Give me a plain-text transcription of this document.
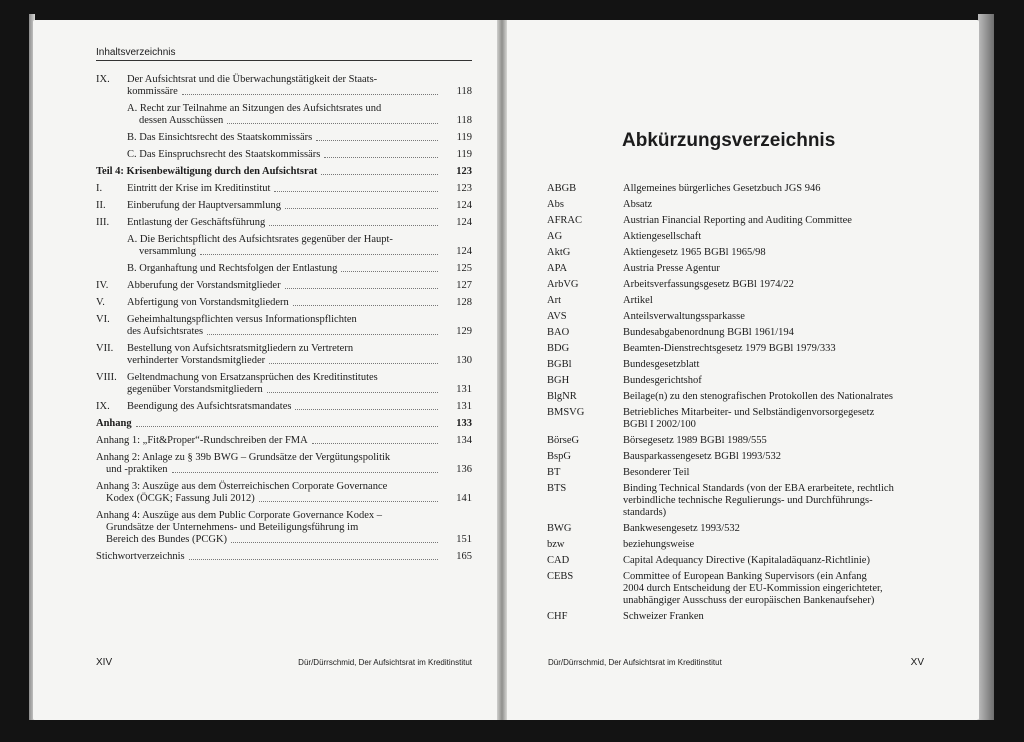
Inhaltsverzeichnis
IX.	Der Aufsichtsrat und die Überwachungstätigkeit der Staats-
kommissäre	118
A. Recht zur Teilnahme an Sitzungen des Aufsichtsrates und
dessen Ausschüssen	118
B. Das Einsichtsrecht des Staatskommissärs	119
C. Das Einspruchsrecht des Staatskommissärs	119
Teil 4: Krisenbewältigung durch den Aufsichtsrat	123
I.	Eintritt der Krise im Kreditinstitut	123
II.	Einberufung der Hauptversammlung	124
III.	Entlastung der Geschäftsführung	124
A. Die Berichtspflicht des Aufsichtsrates gegenüber der Haupt-
versammlung	124
B. Organhaftung und Rechtsfolgen der Entlastung	125
IV.	Abberufung der Vorstandsmitglieder	127
V.	Abfertigung von Vorstandsmitgliedern	128
VI.	Geheimhaltungspflichten versus Informationspflichten
des Aufsichtsrates	129
VII.	Bestellung von Aufsichtsratsmitgliedern zu Vertretern
verhinderter Vorstandsmitglieder	130
VIII. Geltendmachung von Ersatzansprüchen des Kreditinstitutes
gegenüber Vorstandsmitgliedern	131
IX.	Beendigung des Aufsichtsratsmandates	131
Anhang	133
Anhang 1: „Fit&Proper“-Rundschreiben der FMA	134
Anhang 2: Anlage zu § 39b BWG – Grundsätze der Vergütungspolitik
und -praktiken	136
Anhang 3: Auszüge aus dem Österreichischen Corporate Governance
Kodex (ÖCGK; Fassung Juli 2012)	141
Anhang 4: Auszüge aus dem Public Corporate Governance Kodex –
Grundsätze der Unternehmens- und Beteiligungsführung im
Bereich des Bundes (PCGK)	151
Stichwortverzeichnis	165
XIV	Dür/Dürrschmid, Der Aufsichtsrat im Kreditinstitut
Abkürzungsverzeichnis
ABGB	Allgemeines bürgerliches Gesetzbuch JGS 946
Abs	Absatz
AFRAC	Austrian Financial Reporting and Auditing Committee
AG	Aktiengesellschaft
AktG	Aktiengesetz 1965 BGBl 1965/98
APA	Austria Presse Agentur
ArbVG	Arbeitsverfassungsgesetz BGBl 1974/22
Art	Artikel
AVS	Anteilsverwaltungssparkasse
BAO	Bundesabgabenordnung BGBl 1961/194
BDG	Beamten-Dienstrechtsgesetz 1979 BGBl 1979/333
BGBl	Bundesgesetzblatt
BGH	Bundesgerichtshof
BlgNR	Beilage(n) zu den stenografischen Protokollen des Nationalrates
BMSVG	Betriebliches Mitarbeiter- und Selbständigenvorsorgegesetz
BGBl I 2002/100
BörseG	Börsegesetz 1989 BGBl 1989/555
BspG	Bausparkassengesetz BGBl 1993/532
BT	Besonderer Teil
BTS	Binding Technical Standards (von der EBA erarbeitete, rechtlich
verbindliche technische Regulierungs- und Durchführungs-
standards)
BWG	Bankwesengesetz 1993/532
bzw	beziehungsweise
CAD	Capital Adequancy Directive (Kapitaladäquanz-Richtlinie)
CEBS	Committee of European Banking Supervisors (ein Anfang
2004 durch Entscheidung der EU-Kommission eingerichteter,
unabhängiger Ausschuss der europäischen Bankenaufseher)
CHF	Schweizer Franken
Dür/Dürrschmid, Der Aufsichtsrat im Kreditinstitut	XV
